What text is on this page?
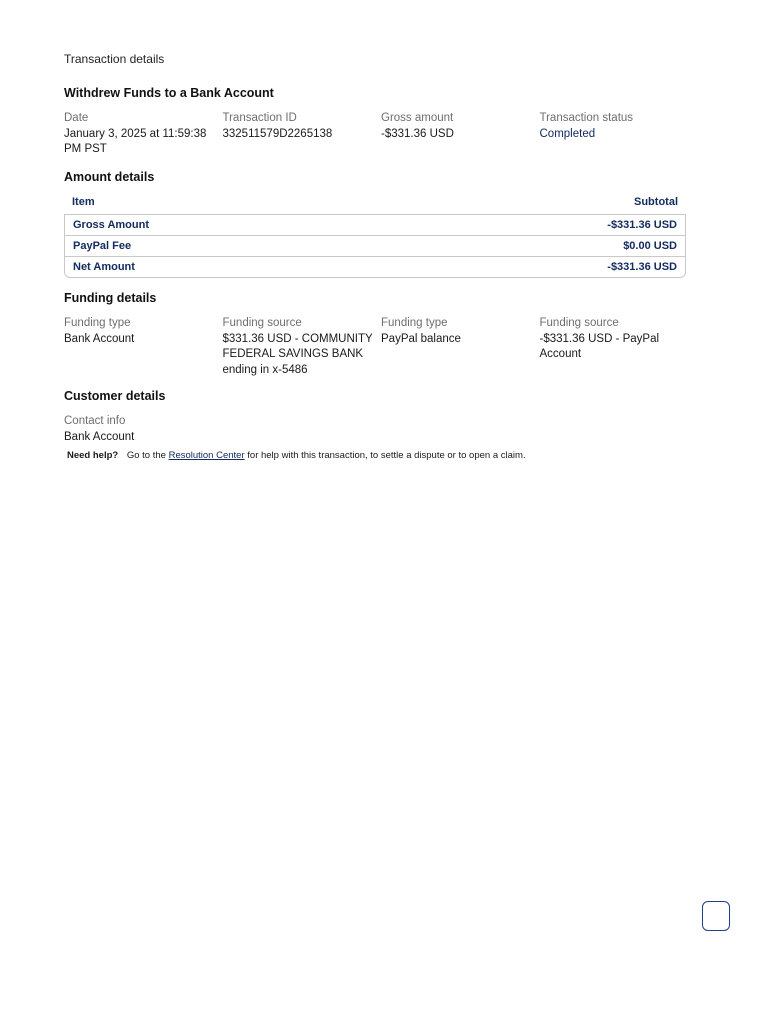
Transaction details
Withdrew Funds to a Bank Account
Date
January 3, 2025 at 11:59:38 PM PST
Transaction ID
332511579D2265138
Gross amount
-$331.36 USD
Transaction status
Completed
Amount details
Item	Subtotal
Gross Amount	-$331.36 USD
PayPal Fee	$0.00 USD
Net Amount	-$331.36 USD
Funding details
Funding type
Bank Account
Funding source
$331.36 USD - COMMUNITY FEDERAL SAVINGS BANK ending in x-5486
Funding type
PayPal balance
Funding source
-$331.36 USD - PayPal Account
Customer details
Contact info
Bank Account
Need help? Go to the Resolution Center for help with this transaction, to settle a dispute or to open a claim.
